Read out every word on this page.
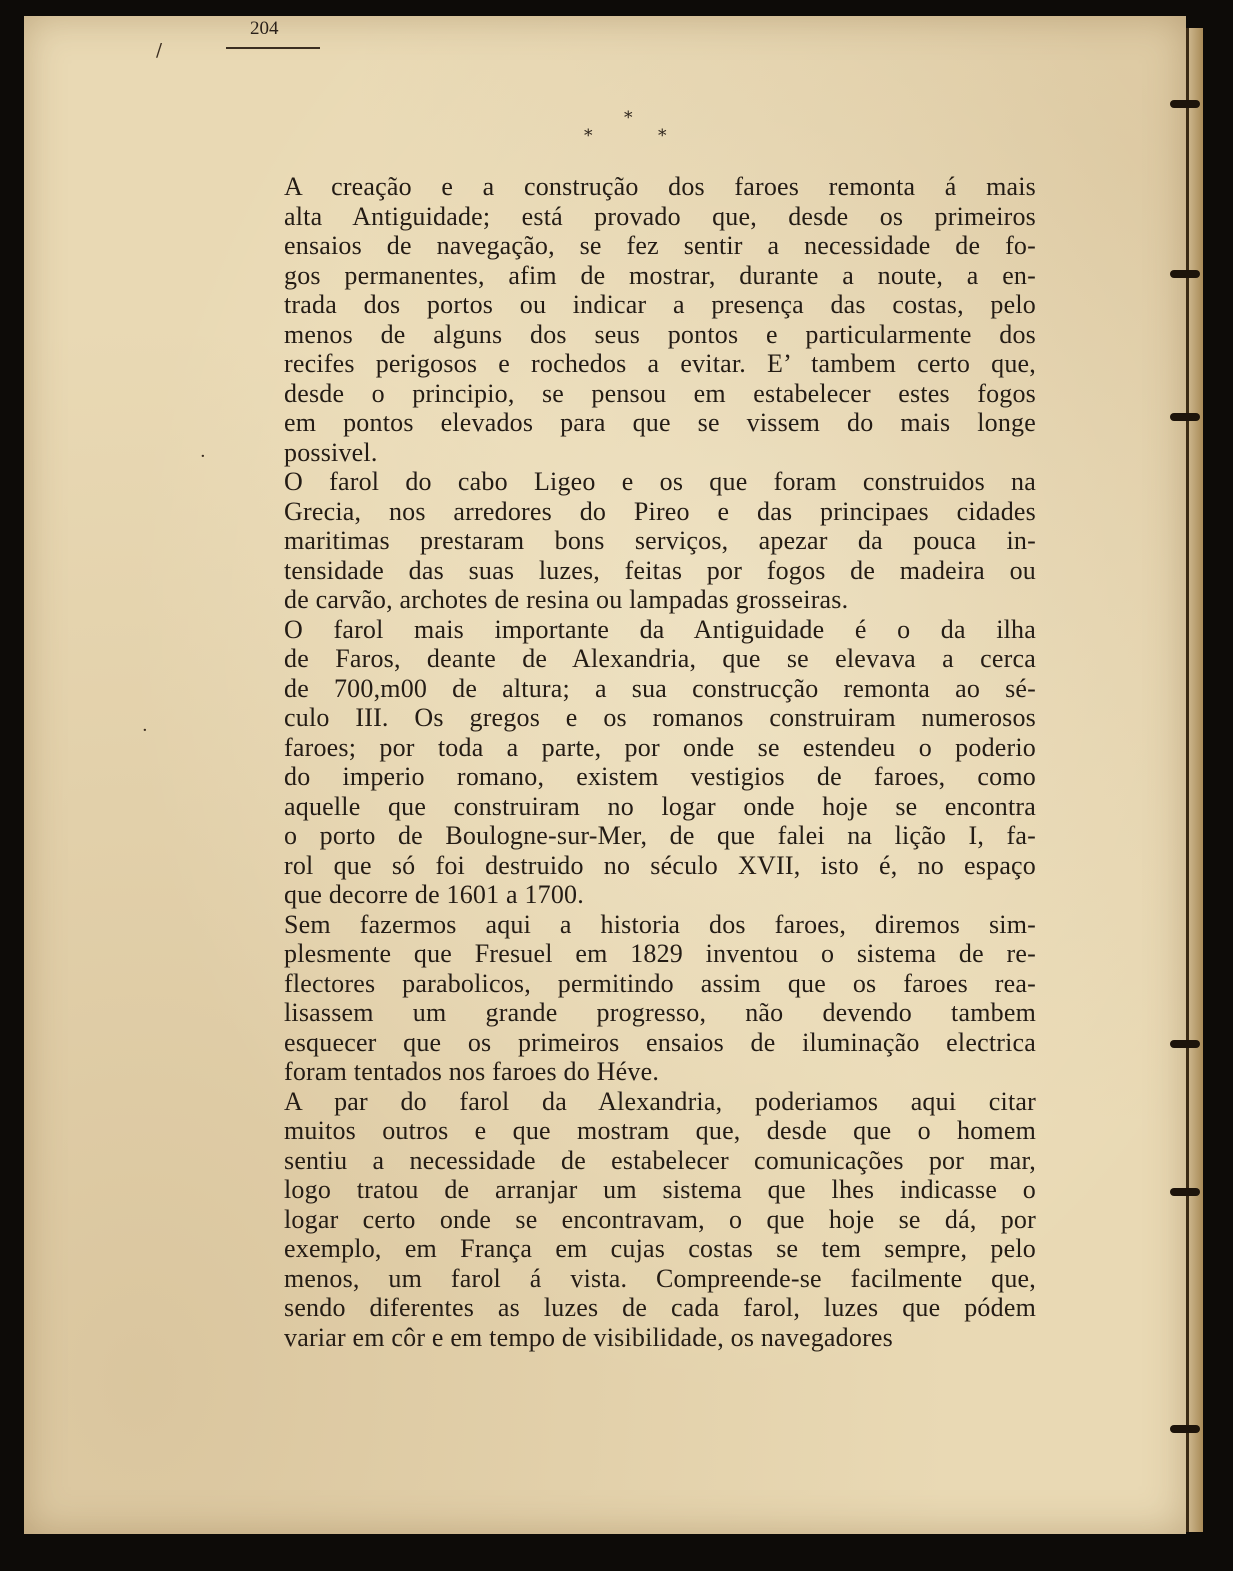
204
*
*	*
/
·
·
A creação e a construção dos faroes remonta á mais
alta Antiguidade; está provado que, desde os primeiros
ensaios de navegação, se fez sentir a necessidade de fo-
gos permanentes, afim de mostrar, durante a noute, a en-
trada dos portos ou indicar a presença das costas, pelo
menos de alguns dos seus pontos e particularmente dos
recifes perigosos e rochedos a evitar. E’ tambem certo que,
desde o principio, se pensou em estabelecer estes fogos
em pontos elevados para que se vissem do mais longe
possivel.
O farol do cabo Ligeo e os que foram construidos na
Grecia, nos arredores do Pireo e das principaes cidades
maritimas prestaram bons serviços, apezar da pouca in-
tensidade das suas luzes, feitas por fogos de madeira ou
de carvão, archotes de resina ou lampadas grosseiras.
O farol mais importante da Antiguidade é o da ilha
de Faros, deante de Alexandria, que se elevava a cerca
de 700,m00 de altura; a sua construcção remonta ao sé-
culo III. Os gregos e os romanos construiram numerosos
faroes; por toda a parte, por onde se estendeu o poderio
do imperio romano, existem vestigios de faroes, como
aquelle que construiram no logar onde hoje se encontra
o porto de Boulogne-sur-Mer, de que falei na lição I, fa-
rol que só foi destruido no século XVII, isto é, no espaço
que decorre de 1601 a 1700.
Sem fazermos aqui a historia dos faroes, diremos sim-
plesmente que Fresuel em 1829 inventou o sistema de re-
flectores parabolicos, permitindo assim que os faroes rea-
lisassem um grande progresso, não devendo tambem
esquecer que os primeiros ensaios de iluminação electrica
foram tentados nos faroes do Héve.
A par do farol da Alexandria, poderiamos aqui citar
muitos outros e que mostram que, desde que o homem
sentiu a necessidade de estabelecer comunicações por mar,
logo tratou de arranjar um sistema que lhes indicasse o
logar certo onde se encontravam, o que hoje se dá, por
exemplo, em França em cujas costas se tem sempre, pelo
menos, um farol á vista. Compreende-se facilmente que,
sendo diferentes as luzes de cada farol, luzes que pódem
variar em côr e em tempo de visibilidade, os navegadores
